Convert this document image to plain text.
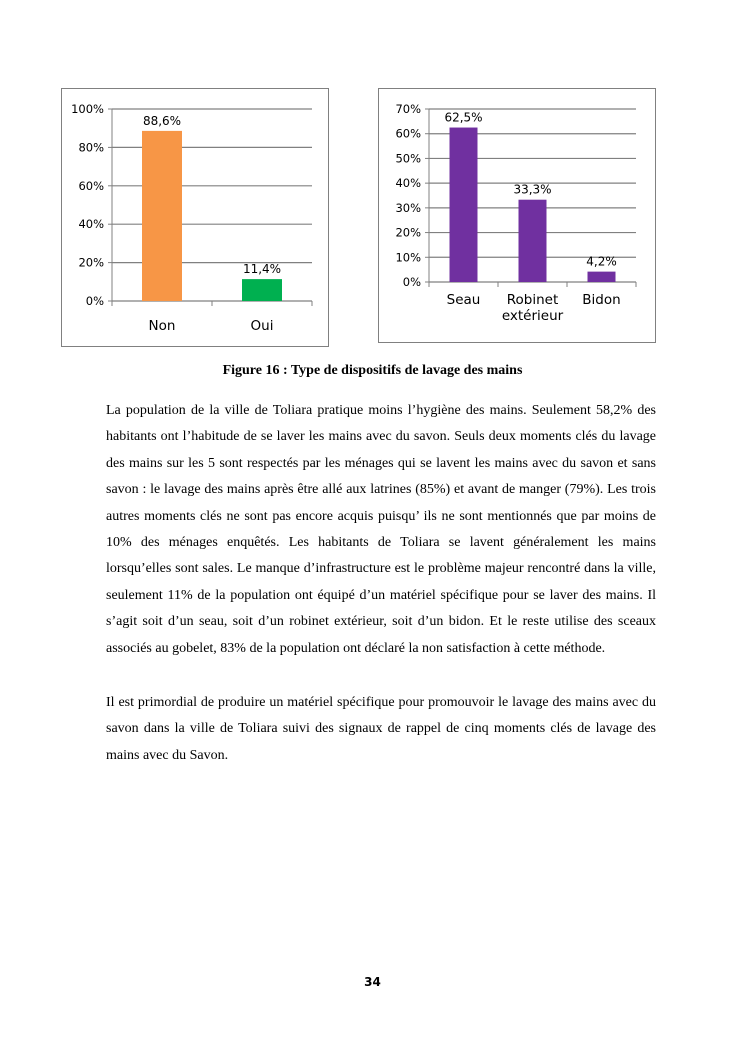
0%
20%
40%
60%
80%
100%
88,6%
Non
11,4%
Oui
0%
10%
20%
30%
40%
50%
60%
70%
62,5%
Seau
33,3%
Robinet
extérieur
4,2%
Bidon
Figure 16 : Type de dispositifs de lavage des mains

La population de la ville de Toliara pratique moins l’hygiène des mains. Seulement 58,2% des habitants ont l’habitude de se laver les mains avec du savon. Seuls deux moments clés du lavage des mains sur les 5 sont respectés par les ménages qui se lavent les mains avec du savon et sans savon : le lavage des mains après être allé aux latrines (85%) et avant de manger (79%). Les trois autres moments clés ne sont pas encore acquis puisqu’ ils ne sont mentionnés que par moins de 10% des ménages enquêtés. Les habitants de Toliara se lavent généralement les mains lorsqu’elles sont sales. Le manque d’infrastructure est le problème majeur rencontré dans la ville, seulement 11% de la population ont équipé d’un matériel spécifique pour se laver des mains. Il s’agit soit d’un seau, soit d’un robinet extérieur, soit d’un bidon. Et le reste utilise des sceaux associés au gobelet, 83% de la population ont déclaré la non satisfaction à cette méthode.

Il est primordial de produire un matériel spécifique pour promouvoir le lavage des mains avec du savon dans la ville de Toliara suivi des signaux de rappel de cinq moments clés de lavage des mains avec du Savon.

34
